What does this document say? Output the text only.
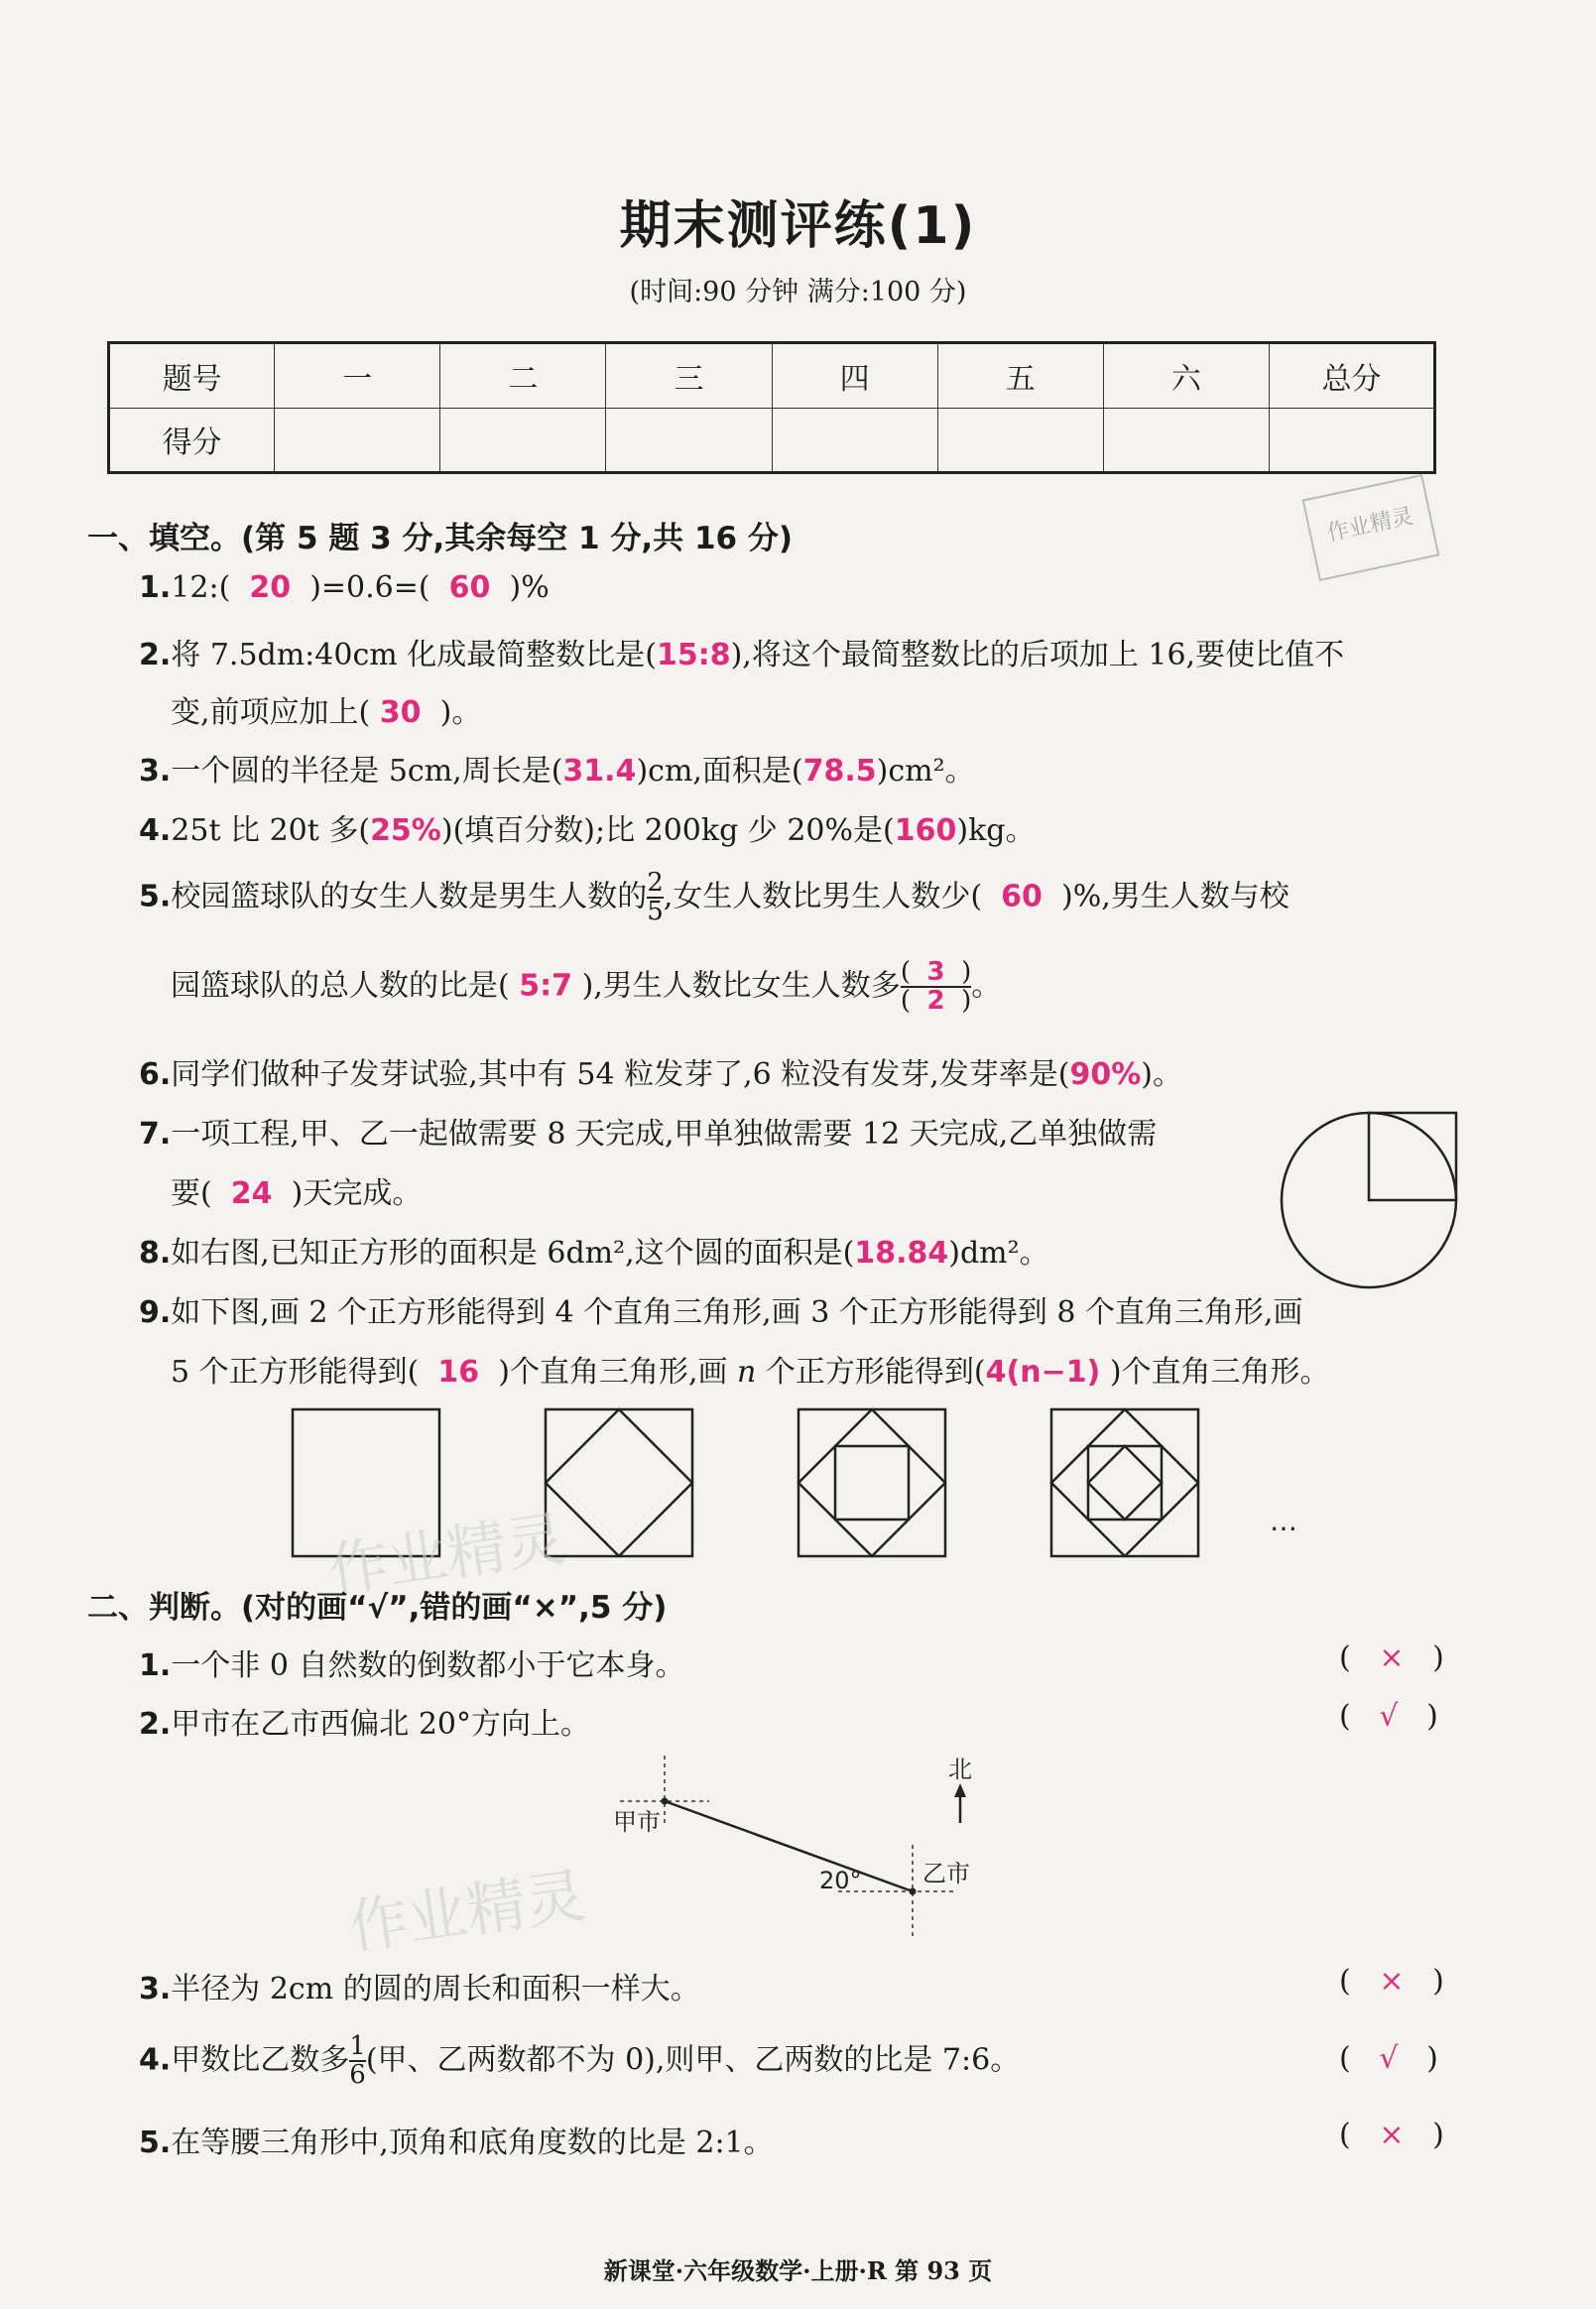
期末测评练(1)
(时间:90 分钟 满分:100 分)
题号	一	二	三	四	五	六	总分
得分							
作业精灵
一、填空。(第 5 题 3 分,其余每空 1 分,共 16 分)
1.12:( 20 )=0.6=( 60 )%
2.将 7.5dm:40cm 化成最简整数比是(15:8),将这个最简整数比的后项加上 16,要使比值不
变,前项应加上( 30 )。
3.一个圆的半径是 5cm,周长是(31.4)cm,面积是(78.5)cm²。
4.25t 比 20t 多(25%)(填百分数);比 200kg 少 20%是(160)kg。
5.校园篮球队的女生人数是男生人数的 $\frac{2}{5}$ ,女生人数比男生人数少( 60 )%,男生人数与校
园篮球队的总人数的比是( 5:7 ),男生人数比女生人数多 $\frac{( 3 )}{( 2 )}$ 。
6.同学们做种子发芽试验,其中有 54 粒发芽了,6 粒没有发芽,发芽率是(90%)。
7.一项工程,甲、乙一起做需要 8 天完成,甲单独做需要 12 天完成,乙单独做需
要( 24 )天完成。
8.如右图,已知正方形的面积是 6dm²,这个圆的面积是(18.84)dm²。
9.如下图,画 2 个正方形能得到 4 个直角三角形,画 3 个正方形能得到 8 个直角三角形,画
5 个正方形能得到( 16 )个直角三角形,画 n 个正方形能得到(4(n−1) )个直角三角形。
…
作业精灵
作业精灵
二、判断。(对的画“√”,错的画“×”,5 分)
1.一个非 0 自然数的倒数都小于它本身。	( × )
2.甲市在乙市西偏北 20°方向上。	( √ )
北
甲市
乙市
20°
3.半径为 2cm 的圆的周长和面积一样大。	( × )
4.甲数比乙数多 $\frac{1}{6}$ (甲、乙两数都不为 0),则甲、乙两数的比是 7:6。	( √ )
5.在等腰三角形中,顶角和底角度数的比是 2:1。	( × )
新课堂·六年级数学·上册·R 第 93 页
